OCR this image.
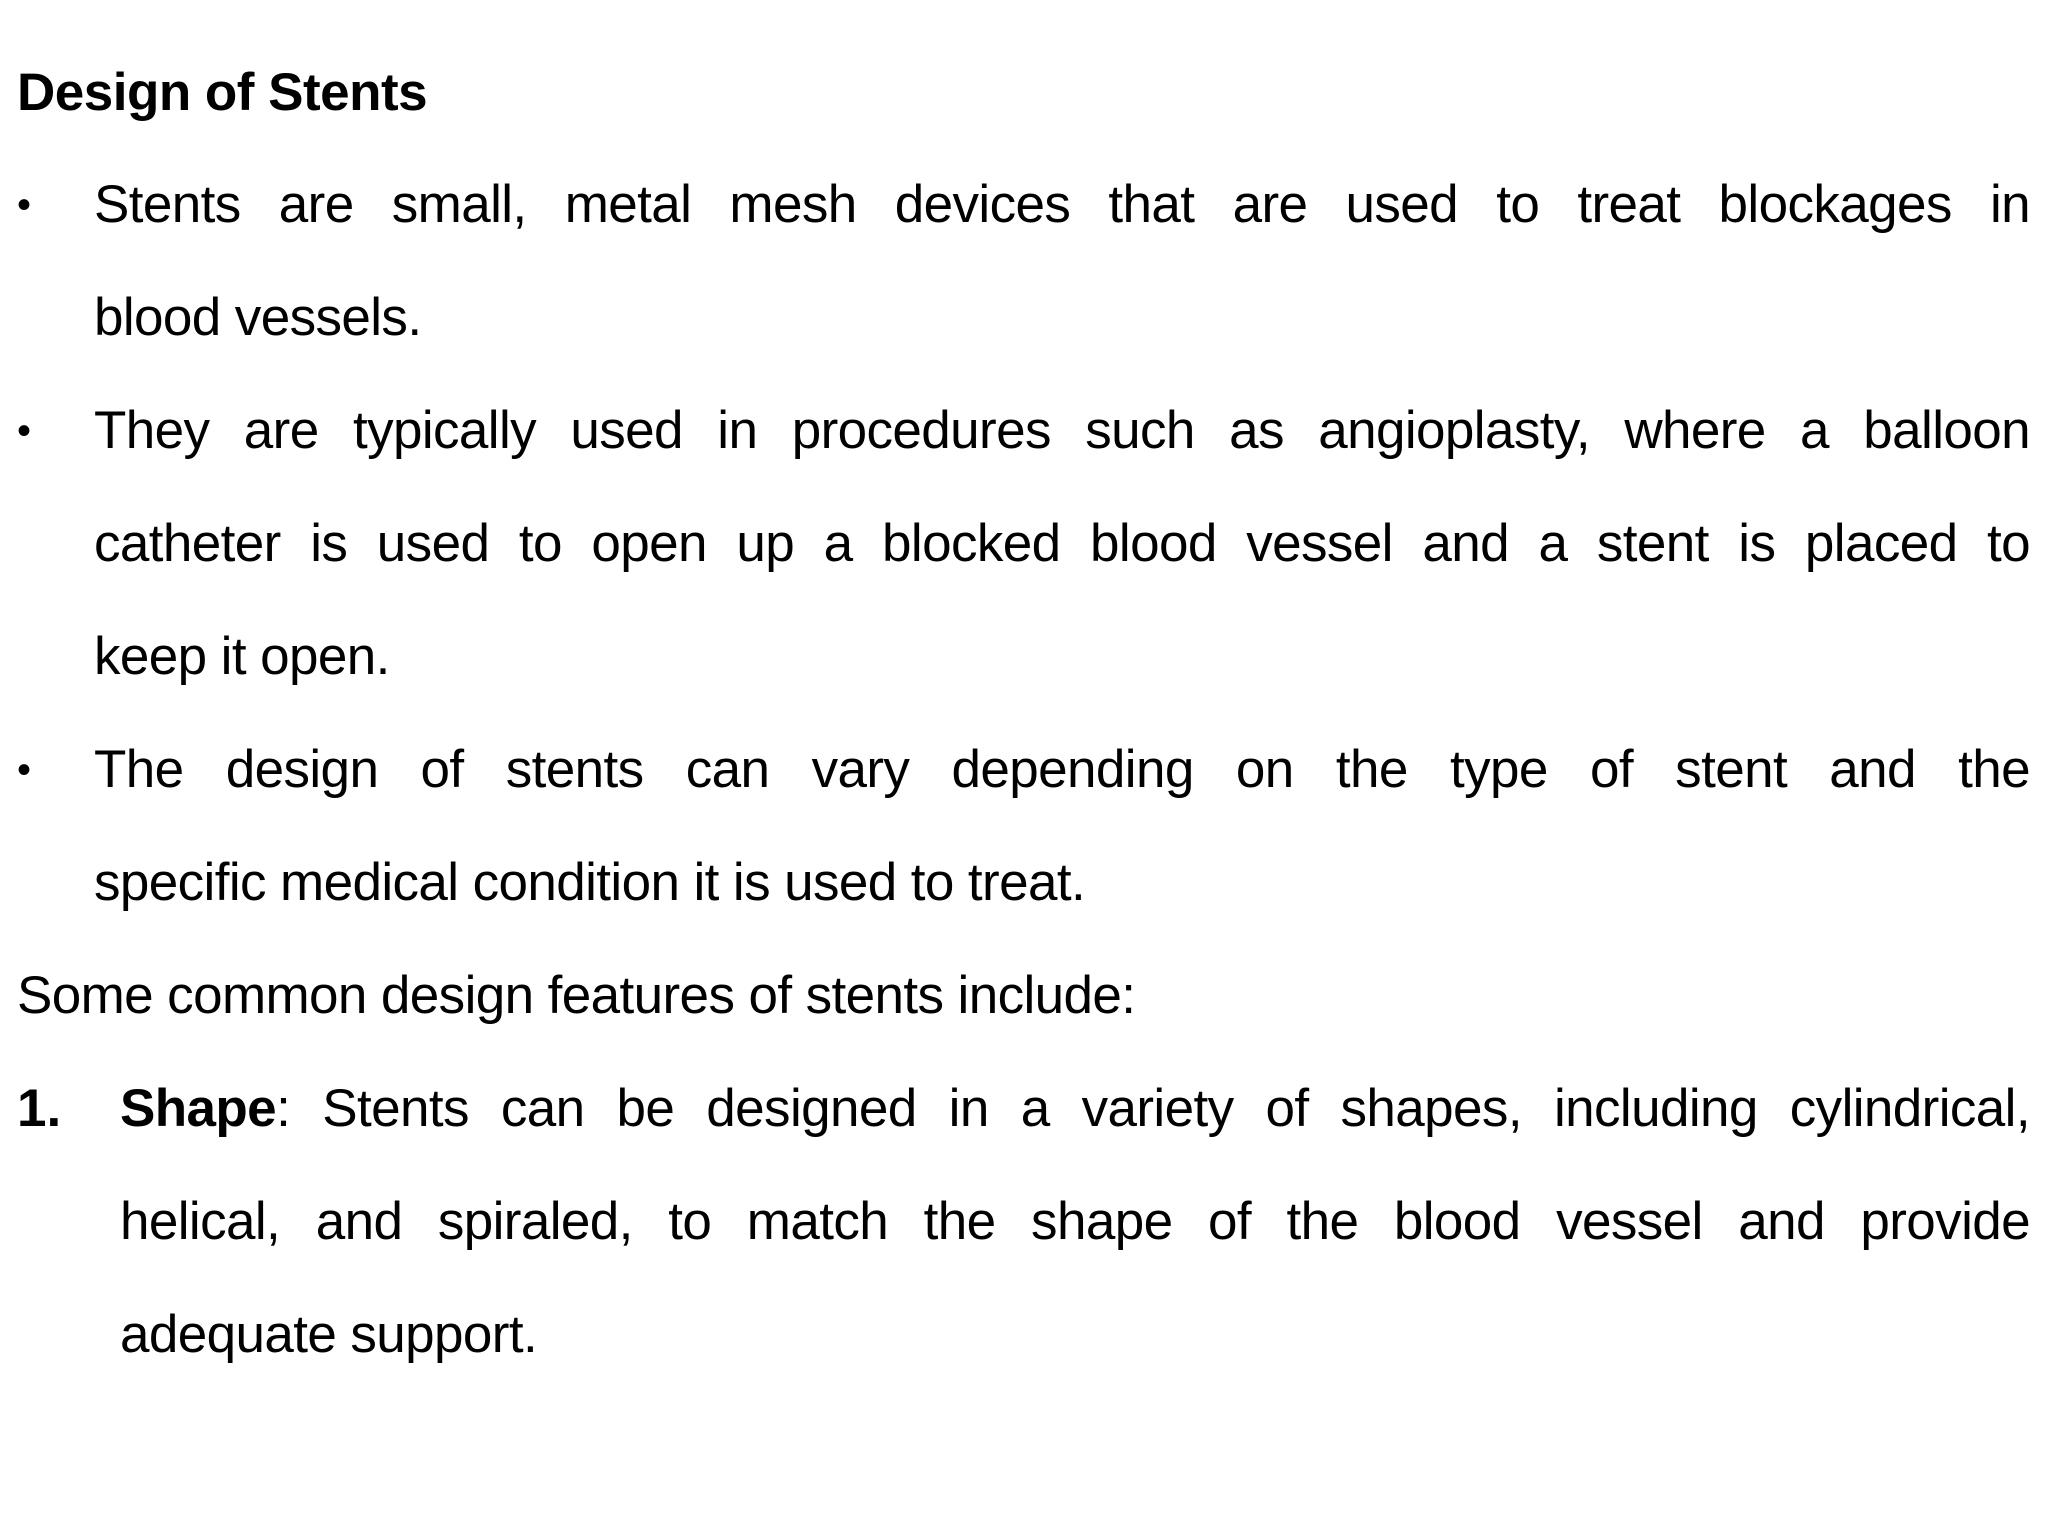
Design of Stents
• Stents are small, metal mesh devices that are used to treat blockages in
blood vessels.
• They are typically used in procedures such as angioplasty, where a balloon
catheter is used to open up a blocked blood vessel and a stent is placed to
keep it open.
• The design of stents can vary depending on the type of stent and the
specific medical condition it is used to treat.
Some common design features of stents include:
1. Shape: Stents can be designed in a variety of shapes, including cylindrical,
helical, and spiraled, to match the shape of the blood vessel and provide
adequate support.
